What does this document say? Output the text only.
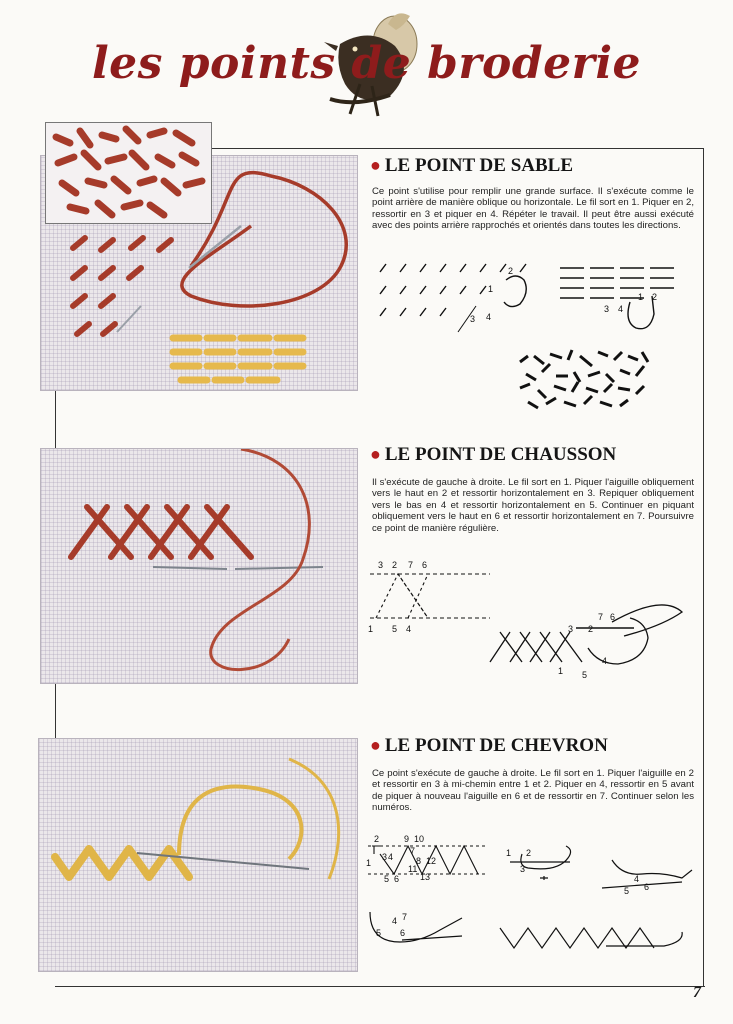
les points de broderie
● LE POINT DE SABLE
Ce point s'utilise pour remplir une grande surface. Il s'exécute comme le point arrière de manière oblique ou horizontale. Le fil sort en 1. Piquer en 2, ressortir en 3 et piquer en 4. Répéter le travail. Il peut être aussi exécuté avec des points arrière rapprochés et orientés dans toutes les directions.
1
2
3 4
1 2
3 4
● LE POINT DE CHAUSSON
Il s'exécute de gauche à droite. Le fil sort en 1. Piquer l'aiguille obliquement vers le haut en 2 et ressortir horizontalement en 3. Repiquer obliquement vers le bas en 4 et ressortir horizontalement en 5. Continuer en piquant obliquement vers le haut en 6 et ressortir horizontalement en 7. Poursuivre ce point de manière régulière.
3 2 7 6
1 5 4	3 2
7 6
1 5
4
● LE POINT DE CHEVRON
Ce point s'exécute de gauche à droite. Le fil sort en 1. Piquer l'aiguille en 2 et ressortir en 3 à mi-chemin entre 1 et 2. Piquer en 4, ressortir en 5 avant de piquer à nouveau l'aiguille en 6 et de ressortir en 7. Continuer selon les numéros.
1
2
3 4
5 6
7
8
9 10
11
12
13
1 2
3
4
5 6
4
5 6
7
7
